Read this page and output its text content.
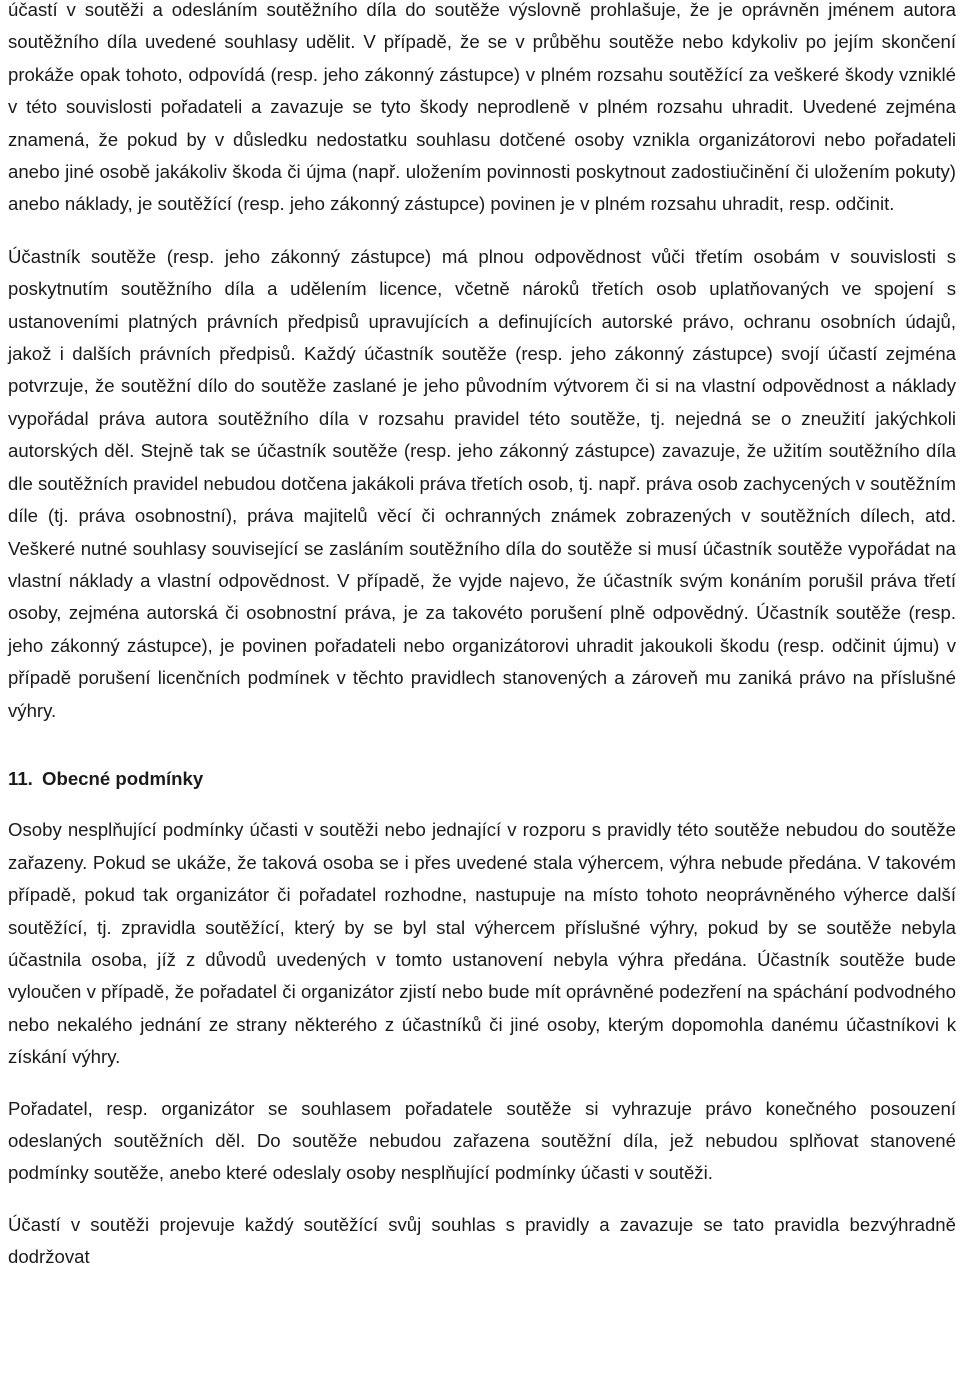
účastí v soutěži a odesláním soutěžního díla do soutěže výslovně prohlašuje, že je oprávněn jménem autora soutěžního díla uvedené souhlasy udělit. V případě, že se v průběhu soutěže nebo kdykoliv po jejím skončení prokáže opak tohoto, odpovídá (resp. jeho zákonný zástupce) v plném rozsahu soutěžící za veškeré škody vzniklé v této souvislosti pořadateli a zavazuje se tyto škody neprodleně v plném rozsahu uhradit. Uvedené zejména znamená, že pokud by v důsledku nedostatku souhlasu dotčené osoby vznikla organizátorovi nebo pořadateli anebo jiné osobě jakákoliv škoda či újma (např. uložením povinnosti poskytnout zadostiučinění či uložením pokuty) anebo náklady, je soutěžící (resp. jeho zákonný zástupce) povinen je v plném rozsahu uhradit, resp. odčinit.

Účastník soutěže (resp. jeho zákonný zástupce) má plnou odpovědnost vůči třetím osobám v souvislosti s poskytnutím soutěžního díla a udělením licence, včetně nároků třetích osob uplatňovaných ve spojení s ustanoveními platných právních předpisů upravujících a definujících autorské právo, ochranu osobních údajů, jakož i dalších právních předpisů. Každý účastník soutěže (resp. jeho zákonný zástupce) svojí účastí zejména potvrzuje, že soutěžní dílo do soutěže zaslané je jeho původním výtvorem či si na vlastní odpovědnost a náklady vypořádal práva autora soutěžního díla v rozsahu pravidel této soutěže, tj. nejedná se o zneužití jakýchkoli autorských děl. Stejně tak se účastník soutěže (resp. jeho zákonný zástupce) zavazuje, že užitím soutěžního díla dle soutěžních pravidel nebudou dotčena jakákoli práva třetích osob, tj. např. práva osob zachycených v soutěžním díle (tj. práva osobnostní), práva majitelů věcí či ochranných známek zobrazených v soutěžních dílech, atd. Veškeré nutné souhlasy související se zasláním soutěžního díla do soutěže si musí účastník soutěže vypořádat na vlastní náklady a vlastní odpovědnost. V případě, že vyjde najevo, že účastník svým konáním porušil práva třetí osoby, zejména autorská či osobnostní práva, je za takovéto porušení plně odpovědný. Účastník soutěže (resp. jeho zákonný zástupce), je povinen pořadateli nebo organizátorovi uhradit jakoukoli škodu (resp. odčinit újmu) v případě porušení licenčních podmínek v těchto pravidlech stanovených a zároveň mu zaniká právo na příslušné výhry.

11. Obecné podmínky

Osoby nesplňující podmínky účasti v soutěži nebo jednající v rozporu s pravidly této soutěže nebudou do soutěže zařazeny. Pokud se ukáže, že taková osoba se i přes uvedené stala výhercem, výhra nebude předána. V takovém případě, pokud tak organizátor či pořadatel rozhodne, nastupuje na místo tohoto neoprávněného výherce další soutěžící, tj. zpravidla soutěžící, který by se byl stal výhercem příslušné výhry, pokud by se soutěže nebyla účastnila osoba, jíž z důvodů uvedených v tomto ustanovení nebyla výhra předána. Účastník soutěže bude vyloučen v případě, že pořadatel či organizátor zjistí nebo bude mít oprávněné podezření na spáchání podvodného nebo nekalého jednání ze strany některého z účastníků či jiné osoby, kterým dopomohla danému účastníkovi k získání výhry.

Pořadatel, resp. organizátor se souhlasem pořadatele soutěže si vyhrazuje právo konečného posouzení odeslaných soutěžních děl. Do soutěže nebudou zařazena soutěžní díla, jež nebudou splňovat stanovené podmínky soutěže, anebo které odeslaly osoby nesplňující podmínky účasti v soutěži.

Účastí v soutěži projevuje každý soutěžící svůj souhlas s pravidly a zavazuje se tato pravidla bezvýhradně dodržovat
